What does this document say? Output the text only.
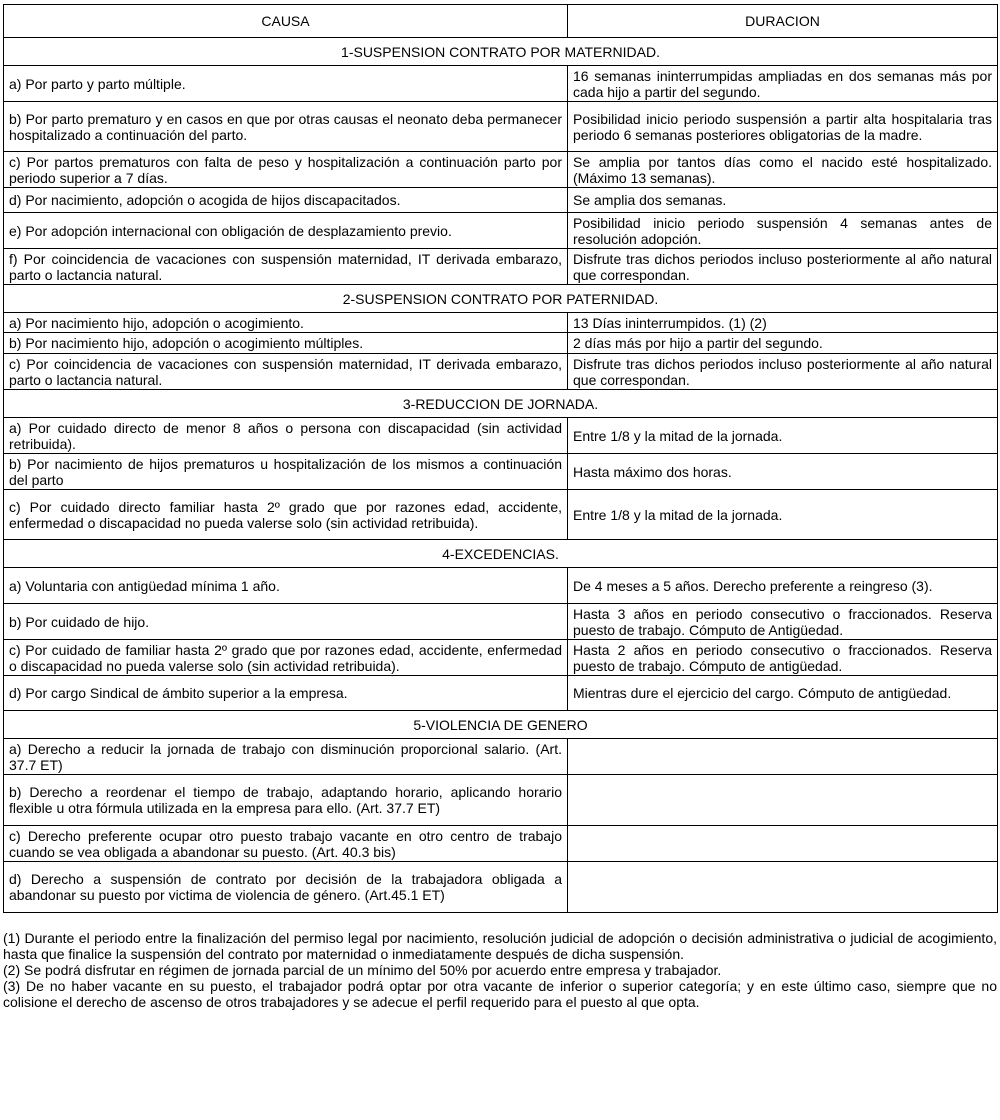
CAUSA	DURACION
1-SUSPENSION CONTRATO POR MATERNIDAD.	
a) Por parto y parto múltiple.	16 semanas ininterrumpidas ampliadas en dos semanas más por cada hijo a partir del segundo.
b) Por parto prematuro y en casos en que por otras causas el neonato deba permanecer hospitalizado a continuación del parto.	Posibilidad inicio periodo suspensión a partir alta hospitalaria tras periodo 6 semanas posteriores obligatorias de la madre.
c) Por partos prematuros con falta de peso y hospitalización a continuación parto por periodo superior a 7 días.	Se amplia por tantos días como el nacido esté hospitalizado. (Máximo 13 semanas).
d) Por nacimiento, adopción o acogida de hijos discapacitados.	Se amplia dos semanas.
e) Por adopción internacional con obligación de desplazamiento previo.	Posibilidad inicio periodo suspensión 4 semanas antes de resolución adopción.
f) Por coincidencia de vacaciones con suspensión maternidad, IT derivada embarazo, parto o lactancia natural.	Disfrute tras dichos periodos incluso posteriormente al año natural que correspondan.
2-SUSPENSION CONTRATO POR PATERNIDAD.	
a) Por nacimiento hijo, adopción o acogimiento.	13 Días ininterrumpidos. (1) (2)
b) Por nacimiento hijo, adopción o acogimiento múltiples.	2 días más por hijo a partir del segundo.
c) Por coincidencia de vacaciones con suspensión maternidad, IT derivada embarazo, parto o lactancia natural.	Disfrute tras dichos periodos incluso posteriormente al año natural que correspondan.
3-REDUCCION DE JORNADA.	
a) Por cuidado directo de menor 8 años o persona con discapacidad (sin actividad retribuida).	Entre 1/8 y la mitad de la jornada.
b) Por nacimiento de hijos prematuros u hospitalización de los mismos a continuación del parto	Hasta máximo dos horas.
c) Por cuidado directo familiar hasta 2º grado que por razones edad, accidente, enfermedad o discapacidad no pueda valerse solo (sin actividad retribuida).	Entre 1/8 y la mitad de la jornada.
4-EXCEDENCIAS.	
a) Voluntaria con antigüedad mínima 1 año.	De 4 meses a 5 años. Derecho preferente a reingreso (3).
b) Por cuidado de hijo.	Hasta 3 años en periodo consecutivo o fraccionados. Reserva puesto de trabajo. Cómputo de Antigüedad.
c) Por cuidado de familiar hasta 2º grado que por razones edad, accidente, enfermedad o discapacidad no pueda valerse solo (sin actividad retribuida).	Hasta 2 años en periodo consecutivo o fraccionados. Reserva puesto de trabajo. Cómputo de antigüedad.
d) Por cargo Sindical de ámbito superior a la empresa.	Mientras dure el ejercicio del cargo. Cómputo de antigüedad.
5-VIOLENCIA DE GENERO	
a) Derecho a reducir la jornada de trabajo con disminución proporcional salario. (Art. 37.7 ET)	
b) Derecho a reordenar el tiempo de trabajo, adaptando horario, aplicando horario flexible u otra fórmula utilizada en la empresa para ello. (Art. 37.7 ET)	
c) Derecho preferente ocupar otro puesto trabajo vacante en otro centro de trabajo cuando se vea obligada a abandonar su puesto. (Art. 40.3 bis)	
d) Derecho a suspensión de contrato por decisión de la trabajadora obligada a abandonar su puesto por victima de violencia de género. (Art.45.1 ET)	

(1) Durante el periodo entre la finalización del permiso legal por nacimiento, resolución judicial de adopción o decisión administrativa o judicial de acogimiento, hasta que finalice la suspensión del contrato por maternidad o inmediatamente después de dicha suspensión.

(2) Se podrá disfrutar en régimen de jornada parcial de un mínimo del 50% por acuerdo entre empresa y trabajador.

(3) De no haber vacante en su puesto, el trabajador podrá optar por otra vacante de inferior o superior categoría; y en este último caso, siempre que no colisione el derecho de ascenso de otros trabajadores y se adecue el perfil requerido para el puesto al que opta.
